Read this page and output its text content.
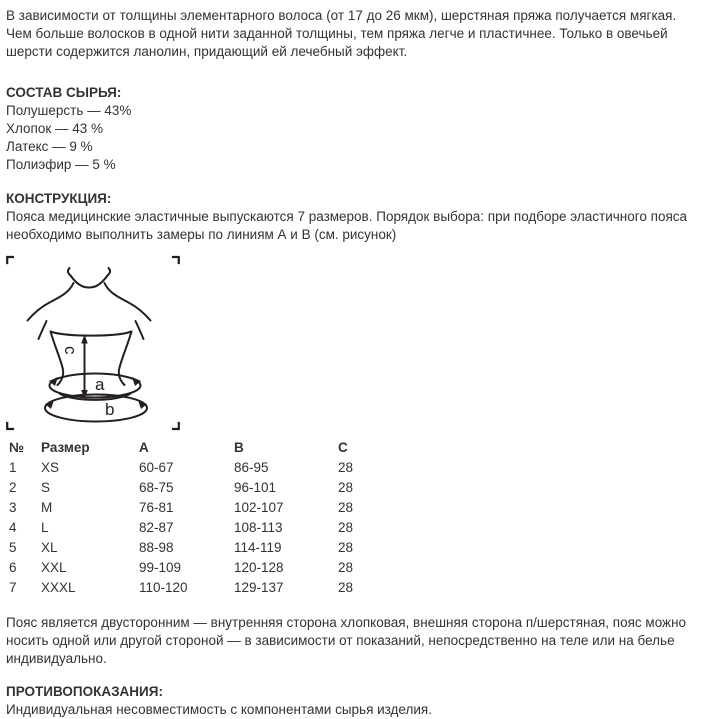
В зависимости от толщины элементарного волоса (от 17 до 26 мкм), шерстяная пряжа получается мягкая. Чем больше волосков в одной нити заданной толщины, тем пряжа легче и пластичнее. Только в овечьей шерсти содержится ланолин, придающий ей лечебный эффект.

СОСТАВ СЫРЬЯ:

Полушерсть — 43%
Хлопок — 43 %
Латекс — 9 %
Полиэфир — 5 %

КОНСТРУКЦИЯ:

Пояса медицинские эластичные выпускаются 7 размеров. Порядок выбора: при подборе эластичного пояса необходимо выполнить замеры по линиям А и В (см. рисунок)

a
b
c
№	Размер	A	B	C
1	XS	60-67	86-95	28
2	S	68-75	96-101	28
3	M	76-81	102-107	28
4	L	82-87	108-113	28
5	XL	88-98	114-119	28
6	XXL	99-109	120-128	28
7	XXXL	110-120	129-137	28

Пояс является двусторонним — внутренняя сторона хлопковая, внешняя сторона п/шерстяная, пояс можно носить одной или другой стороной — в зависимости от показаний, непосредственно на теле или на белье индивидуально.

ПРОТИВОПОКАЗАНИЯ:

Индивидуальная несовместимость с компонентами сырья изделия.
